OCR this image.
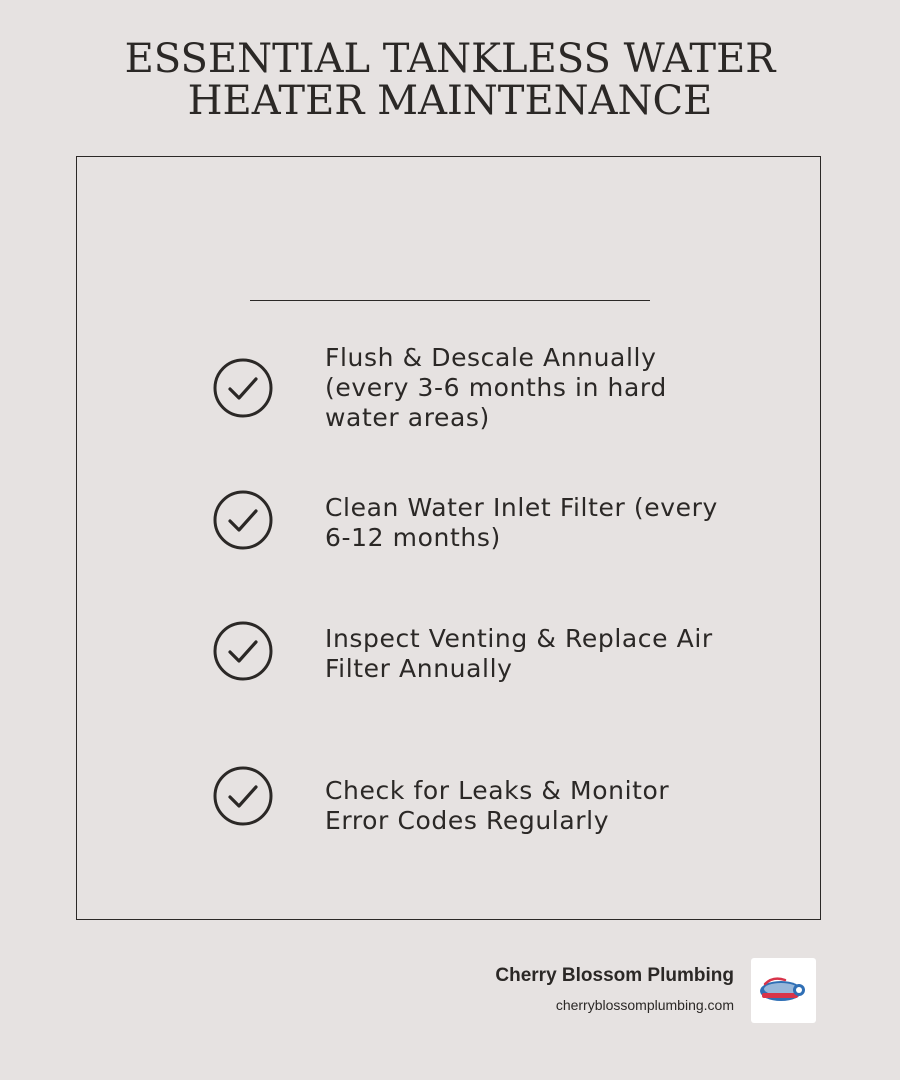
ESSENTIAL TANKLESS WATER HEATER MAINTENANCE
Flush & Descale Annually (every 3-6 months in hard water areas)
Clean Water Inlet Filter (every 6-12 months)
Inspect Venting & Replace Air Filter Annually
Check for Leaks & Monitor Error Codes Regularly
Cherry Blossom Plumbing
cherryblossomplumbing.com
